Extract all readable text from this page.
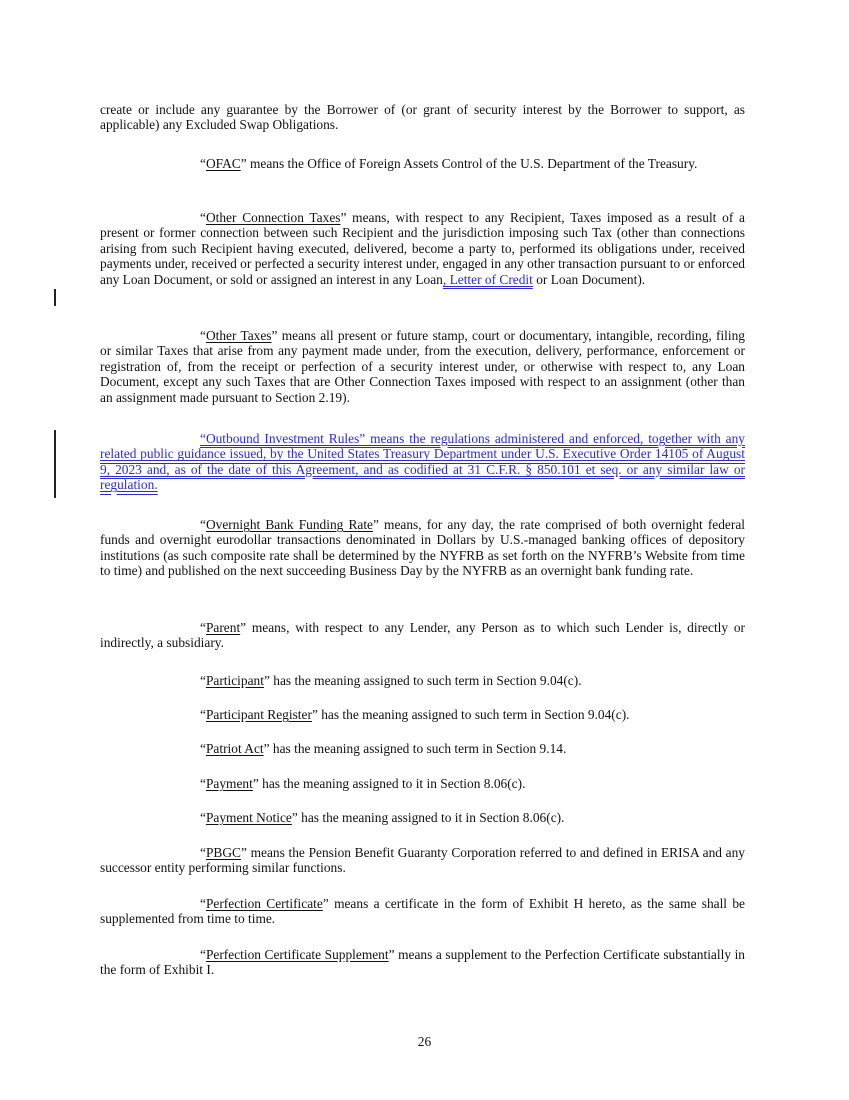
create or include any guarantee by the Borrower of (or grant of security interest by the Borrower to support, as applicable) any Excluded Swap Obligations.

“OFAC” means the Office of Foreign Assets Control of the U.S. Department of the Treasury.

“Other Connection Taxes” means, with respect to any Recipient, Taxes imposed as a result of a present or former connection between such Recipient and the jurisdiction imposing such Tax (other than connections arising from such Recipient having executed, delivered, become a party to, performed its obligations under, received payments under, received or perfected a security interest under, engaged in any other transaction pursuant to or enforced any Loan Document, or sold or assigned an interest in any Loan, Letter of Credit or Loan Document).

“Other Taxes” means all present or future stamp, court or documentary, intangible, recording, filing or similar Taxes that arise from any payment made under, from the execution, delivery, performance, enforcement or registration of, from the receipt or perfection of a security interest under, or otherwise with respect to, any Loan Document, except any such Taxes that are Other Connection Taxes imposed with respect to an assignment (other than an assignment made pursuant to Section 2.19).

“Outbound Investment Rules” means the regulations administered and enforced, together with any related public guidance issued, by the United States Treasury Department under U.S. Executive Order 14105 of August 9, 2023 and, as of the date of this Agreement, and as codified at 31 C.F.R. § 850.101 et seq. or any similar law or regulation.

“Overnight Bank Funding Rate” means, for any day, the rate comprised of both overnight federal funds and overnight eurodollar transactions denominated in Dollars by U.S.-managed banking offices of depository institutions (as such composite rate shall be determined by the NYFRB as set forth on the NYFRB’s Website from time to time) and published on the next succeeding Business Day by the NYFRB as an overnight bank funding rate.

“Parent” means, with respect to any Lender, any Person as to which such Lender is, directly or indirectly, a subsidiary.

“Participant” has the meaning assigned to such term in Section 9.04(c).

“Participant Register” has the meaning assigned to such term in Section 9.04(c).

“Patriot Act” has the meaning assigned to such term in Section 9.14.

“Payment” has the meaning assigned to it in Section 8.06(c).

“Payment Notice” has the meaning assigned to it in Section 8.06(c).

“PBGC” means the Pension Benefit Guaranty Corporation referred to and defined in ERISA and any successor entity performing similar functions.

“Perfection Certificate” means a certificate in the form of Exhibit H hereto, as the same shall be supplemented from time to time.

“Perfection Certificate Supplement” means a supplement to the Perfection Certificate substantially in the form of Exhibit I.

26
